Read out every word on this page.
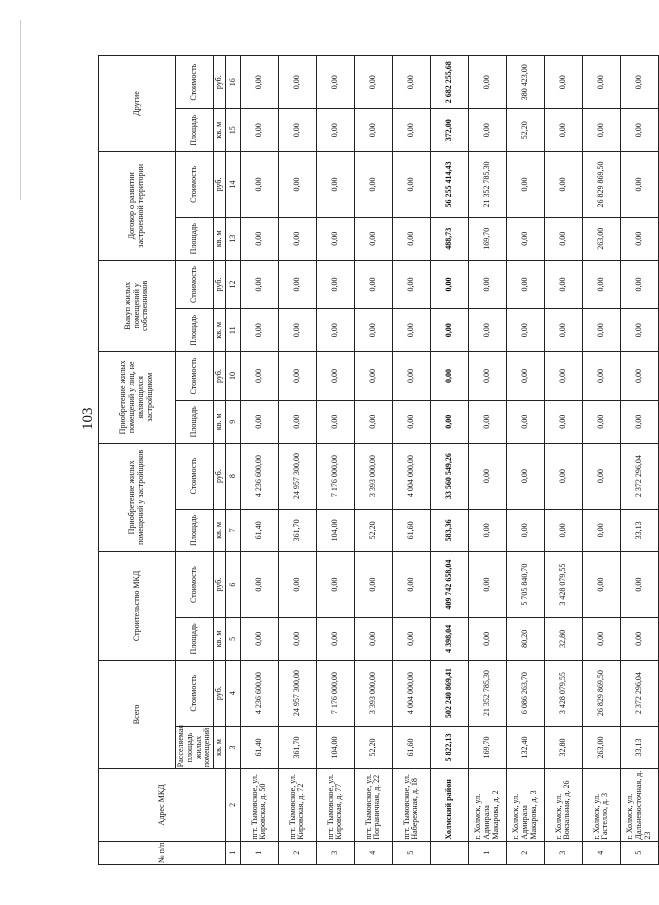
103
№ п/п	Адрес МКД	Всего		Строительство МКД		Приобретение жилых помещений у застройщиков		Приобретение жилых помещений у лиц, не являющихся застройщиком		Выкуп жилых помещений у собственников		Договор о развитии застроенной территории		Другие	
		Расселяемая площадь жилых помещений	Стоимость	Площадь	Стоимость	Площадь	Стоимость	Площадь	Стоимость	Площадь	Стоимость	Площадь	Стоимость	Площадь	Стоимость
		кв. м	руб.	кв. м	руб.	кв. м	руб.	кв. м	руб.	кв. м	руб.	кв. м	руб.	кв. м	руб.
1	2	3	4	5	6	7	8	9	10	11	12	13	14	15	16
1	пгт. Тымовское, ул. Кировская, д. 50	61,40	4 236 600,00	0,00	0,00	61,40	4 236 600,00	0,00	0,00	0,00	0,00	0,00	0,00	0,00	0,00
2	пгт. Тымовское, ул. Кировская, д. 72	361,70	24 957 300,00	0,00	0,00	361,70	24 957 300,00	0,00	0,00	0,00	0,00	0,00	0,00	0,00	0,00
3	пгт. Тымовское, ул. Кировская, д. 77	104,00	7 176 000,00	0,00	0,00	104,00	7 176 000,00	0,00	0,00	0,00	0,00	0,00	0,00	0,00	0,00
4	пгт. Тымовское, ул. Пограничная, д. 22	52,20	3 393 000,00	0,00	0,00	52,20	3 393 000,00	0,00	0,00	0,00	0,00	0,00	0,00	0,00	0,00
5	пгт. Тымовское, ул. Набережная, д. 18	61,60	4 004 000,00	0,00	0,00	61,60	4 004 000,00	0,00	0,00	0,00	0,00	0,00	0,00	0,00	0,00
	Холмский район	5 822,13	502 240 869,41	4 398,04	409 742 658,04	583,36	33 560 549,26	0,00	0,00	0,00	0,00	488,73	56 255 414,43	372,00	2 682 255,68
1	г. Холмск, ул. Адмирала Макарова, д. 2	169,70	21 352 785,30	0,00	0,00	0,00	0,00	0,00	0,00	0,00	0,00	169,70	21 352 785,30	0,00	0,00
2	г. Холмск, ул. Адмирала Макарова, д. 3	132,40	6 086 263,70	80,20	5 705 840,70	0,00	0,00	0,00	0,00	0,00	0,00	0,00	0,00	52,20	380 423,00
3	г. Холмск, ул. Вокзальная, д. 26	32,80	3 428 079,55	32,80	3 428 079,55	0,00	0,00	0,00	0,00	0,00	0,00	0,00	0,00	0,00	0,00
4	г. Холмск, ул. Гастелло, д. 3	263,00	26 829 869,50	0,00	0,00	0,00	0,00	0,00	0,00	0,00	0,00	263,00	26 829 869,50	0,00	0,00
5	г. Холмск, ул. Дальневосточная, д. 23	33,13	2 372 296,04	0,00	0,00	33,13	2 372 296,04	0,00	0,00	0,00	0,00	0,00	0,00	0,00	0,00
